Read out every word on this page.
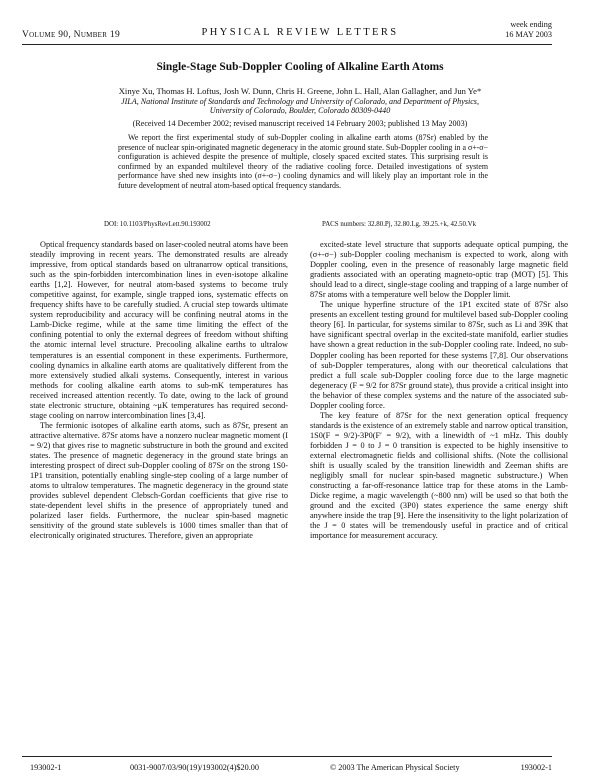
Volume 90, Number 19	PHYSICAL REVIEW LETTERS
week ending
16 MAY 2003
Single-Stage Sub-Doppler Cooling of Alkaline Earth Atoms
Xinye Xu, Thomas H. Loftus, Josh W. Dunn, Chris H. Greene, John L. Hall, Alan Gallagher, and Jun Ye*
JILA, National Institute of Standards and Technology and University of Colorado, and Department of Physics,
University of Colorado, Boulder, Colorado 80309-0440
(Received 14 December 2002; revised manuscript received 14 February 2003; published 13 May 2003)

We report the first experimental study of sub-Doppler cooling in alkaline earth atoms (87Sr) enabled by the presence of nuclear spin-originated magnetic degeneracy in the atomic ground state. Sub-Doppler cooling in a σ+-σ− configuration is achieved despite the presence of multiple, closely spaced excited states. This surprising result is confirmed by an expanded multilevel theory of the radiative cooling force. Detailed investigations of system performance have shed new insights into (σ+-σ−) cooling dynamics and will likely play an important role in the future development of neutral atom-based optical frequency standards.

DOI: 10.1103/PhysRevLett.90.193002	PACS numbers: 32.80.Pj, 32.80.Lg, 39.25.+k, 42.50.Vk

Optical frequency standards based on laser-cooled neutral atoms have been steadily improving in recent years. The demonstrated results are already impressive, from optical standards based on ultranarrow optical transitions, such as the spin-forbidden intercombination lines in even-isotope alkaline earths [1,2]. However, for neutral atom-based systems to become truly competitive against, for example, single trapped ions, systematic effects on frequency shifts have to be carefully studied. A crucial step towards ultimate system reproducibility and accuracy will be confining neutral atoms in the Lamb-Dicke regime, while at the same time limiting the effect of the confining potential to only the external degrees of freedom without shifting the atomic internal level structure. Precooling alkaline earths to ultralow temperatures is an essential component in these experiments. Furthermore, cooling dynamics in alkaline earth atoms are qualitatively different from the more extensively studied alkali systems. Consequently, interest in various methods for cooling alkaline earth atoms to sub-mK temperatures has received increased attention recently. To date, owing to the lack of ground state electronic structure, obtaining ~μK temperatures has required second-stage cooling on narrow intercombination lines [3,4].

The fermionic isotopes of alkaline earth atoms, such as 87Sr, present an attractive alternative. 87Sr atoms have a nonzero nuclear magnetic moment (I = 9/2) that gives rise to magnetic substructure in both the ground and excited states. The presence of magnetic degeneracy in the ground state brings an interesting prospect of direct sub-Doppler cooling of 87Sr on the strong 1S0-1P1 transition, potentially enabling single-step cooling of a large number of atoms to ultralow temperatures. The magnetic degeneracy in the ground state provides sublevel dependent Clebsch-Gordan coefficients that give rise to state-dependent level shifts in the presence of appropriately tuned and polarized laser fields. Furthermore, the nuclear spin-based magnetic sensitivity of the ground state sublevels is 1000 times smaller than that of electronically originated structures. Therefore, given an appropriate

excited-state level structure that supports adequate optical pumping, the (σ+-σ−) sub-Doppler cooling mechanism is expected to work, along with Doppler cooling, even in the presence of reasonably large magnetic field gradients associated with an operating magneto-optic trap (MOT) [5]. This should lead to a direct, single-stage cooling and trapping of a large number of 87Sr atoms with a temperature well below the Doppler limit.

The unique hyperfine structure of the 1P1 excited state of 87Sr also presents an excellent testing ground for multilevel based sub-Doppler cooling theory [6]. In particular, for systems similar to 87Sr, such as Li and 39K that have significant spectral overlap in the excited-state manifold, earlier studies have shown a great reduction in the sub-Doppler cooling rate. Indeed, no sub-Doppler cooling has been reported for these systems [7,8]. Our observations of sub-Doppler temperatures, along with our theoretical calculations that predict a full scale sub-Doppler cooling force due to the large magnetic degeneracy (F = 9/2 for 87Sr ground state), thus provide a critical insight into the behavior of these complex systems and the nature of the associated sub-Doppler cooling force.

The key feature of 87Sr for the next generation optical frequency standards is the existence of an extremely stable and narrow optical transition, 1S0(F = 9/2)-3P0(F′ = 9/2), with a linewidth of ~1 mHz. This doubly forbidden J = 0 to J = 0 transition is expected to be highly insensitive to external electromagnetic fields and collisional shifts. (Note the collisional shift is usually scaled by the transition linewidth and Zeeman shifts are negligibly small for nuclear spin-based magnetic substructure.) When constructing a far-off-resonance lattice trap for these atoms in the Lamb-Dicke regime, a magic wavelength (~800 nm) will be used so that both the ground and the excited (3P0) states experience the same energy shift anywhere inside the trap [9]. Here the insensitivity to the light polarization of the J = 0 states will be tremendously useful in practice and of critical importance for measurement accuracy.

193002-1	0031-9007/03/90(19)/193002(4)$20.00	© 2003 The American Physical Society	193002-1
